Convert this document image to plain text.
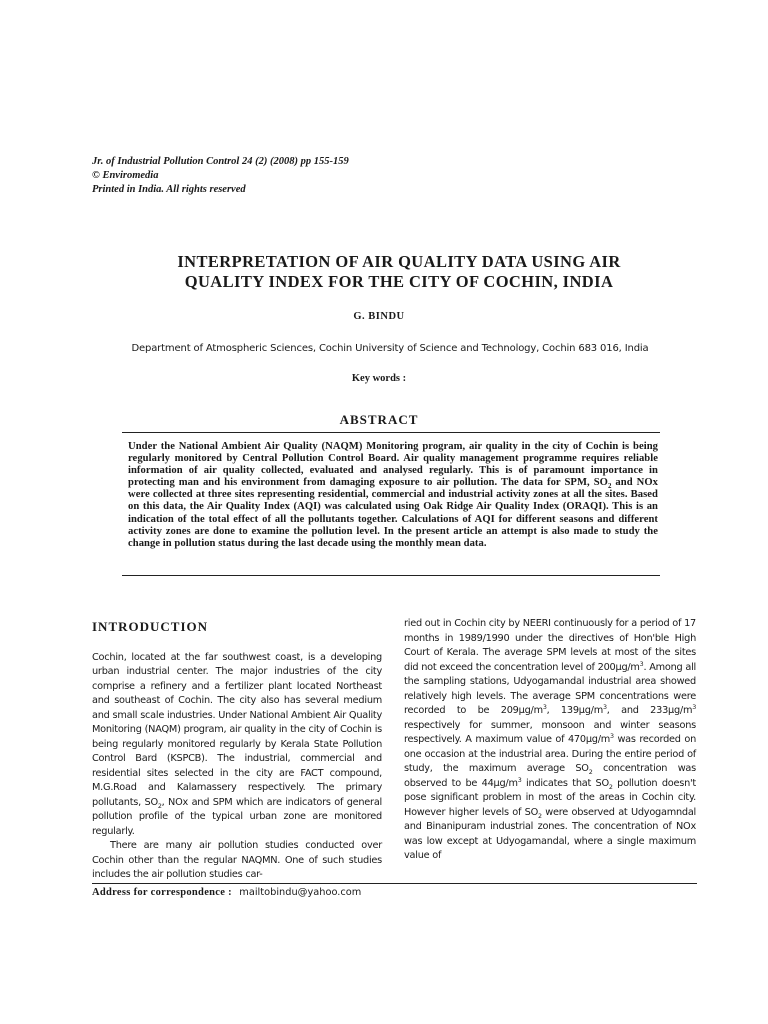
Jr. of Industrial Pollution Control 24 (2) (2008) pp 155-159
© Enviromedia
Printed in India. All rights reserved
INTERPRETATION OF AIR QUALITY DATA USING AIR
QUALITY INDEX FOR THE CITY OF COCHIN, INDIA
G. BINDU
Department of Atmospheric Sciences, Cochin University of Science and Technology, Cochin 683 016, India
Key words :
ABSTRACT
Under the National Ambient Air Quality (NAQM) Monitoring program, air quality in the city of Cochin is being regularly monitored by Central Pollution Control Board. Air quality management programme requires reliable information of air quality collected, evaluated and analysed regularly. This is of paramount importance in protecting man and his environment from damaging exposure to air pollution. The data for SPM, $SO_2$ and NOx were collected at three sites representing residential, commercial and industrial activity zones at all the sites. Based on this data, the Air Quality Index (AQI) was calculated using Oak Ridge Air Quality Index (ORAQI). This is an indication of the total effect of all the pollutants together. Calculations of AQI for different seasons and different activity zones are done to examine the pollution level. In the present article an attempt is also made to study the change in pollution status during the last decade using the monthly mean data.
INTRODUCTION

Cochin, located at the far southwest coast, is a developing urban industrial center. The major industries of the city comprise a refinery and a fertilizer plant located Northeast and southeast of Cochin. The city also has several medium and small scale industries. Under National Ambient Air Quality Monitoring (NAQM) program, air quality in the city of Cochin is being regularly monitored regularly by Kerala State Pollution Control Bard (KSPCB). The industrial, commercial and residential sites selected in the city are FACT compound, M.G.Road and Kalamassery respectively. The primary pollutants, $SO_2$, NOx and SPM which are indicators of general pollution profile of the typical urban zone are monitored regularly.

There are many air pollution studies conducted over Cochin other than the regular NAQMN. One of such studies includes the air pollution studies car-

ried out in Cochin city by NEERI continuously for a period of 17 months in 1989/1990 under the directives of Hon'ble High Court of Kerala. The average SPM levels at most of the sites did not exceed the concentration level of $200\mu g/m^3$. Among all the sampling stations, Udyogamandal industrial area showed relatively high levels. The average SPM concentrations were recorded to be $209\mu g/m^3$, $139\mu g/m^3$, and $233\mu g/m^3$ respectively for summer, monsoon and winter seasons respectively. A maximum value of $470\mu g/m^3$ was recorded on one occasion at the industrial area. During the entire period of study, the maximum average $SO_2$ concentration was observed to be $44\mu g/m^3$ indicates that $SO_2$ pollution doesn't pose significant problem in most of the areas in Cochin city. However higher levels of $SO_2$ were observed at Udyogamndal and Binanipuram industrial zones. The concentration of NOx was low except at Udyogamandal, where a single maximum value of

Address for correspondence : mailtobindu@yahoo.com
